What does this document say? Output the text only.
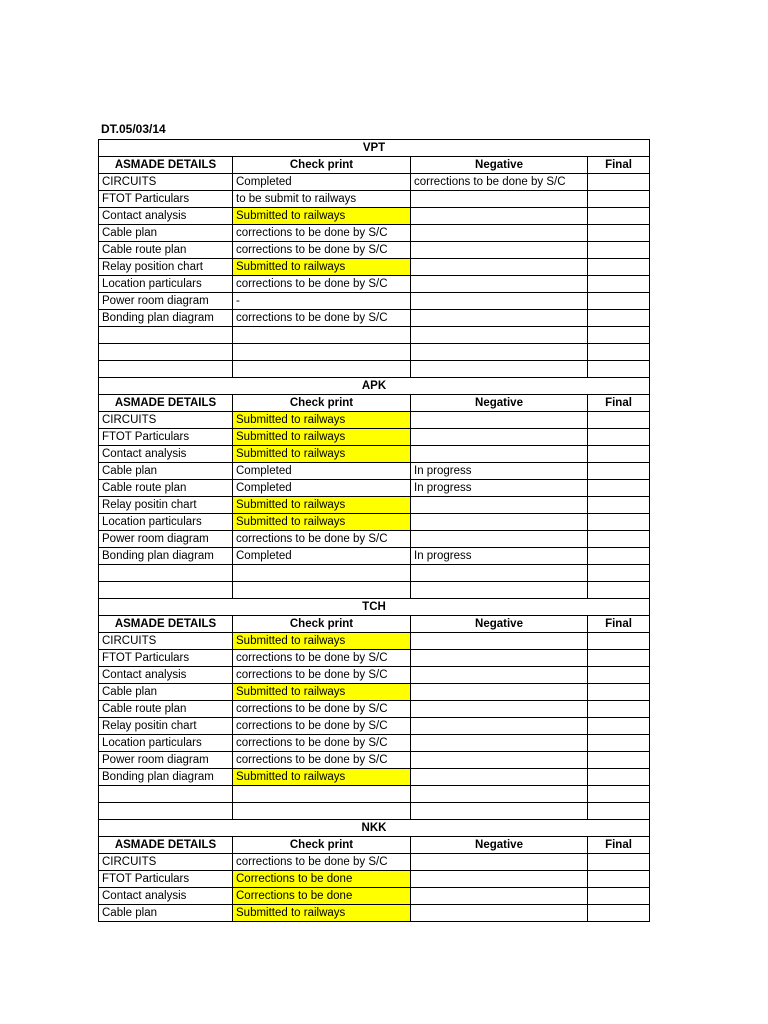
DT.05/03/14
VPT			
ASMADE DETAILS	Check print	Negative	Final
CIRCUITS	Completed	corrections to be done by S/C	
FTOT Particulars	to be submit to railways		
Contact analysis	Submitted to railways		
Cable plan	corrections to be done by S/C		
Cable route plan	corrections to be done by S/C		
Relay position chart	Submitted to railways		
Location particulars	corrections to be done by S/C		
Power room diagram	-		
Bonding plan diagram	corrections to be done by S/C		

APK			
ASMADE DETAILS	Check print	Negative	Final
CIRCUITS	Submitted to railways		
FTOT Particulars	Submitted to railways		
Contact analysis	Submitted to railways		
Cable plan	Completed	In progress	
Cable route plan	Completed	In progress	
Relay positin chart	Submitted to railways		
Location particulars	Submitted to railways		
Power room diagram	corrections to be done by S/C		
Bonding plan diagram	Completed	In progress	

TCH			
ASMADE DETAILS	Check print	Negative	Final
CIRCUITS	Submitted to railways		
FTOT Particulars	corrections to be done by S/C		
Contact analysis	corrections to be done by S/C		
Cable plan	Submitted to railways		
Cable route plan	corrections to be done by S/C		
Relay positin chart	corrections to be done by S/C		
Location particulars	corrections to be done by S/C		
Power room diagram	corrections to be done by S/C		
Bonding plan diagram	Submitted to railways		

NKK			
ASMADE DETAILS	Check print	Negative	Final
CIRCUITS	corrections to be done by S/C		
FTOT Particulars	Corrections to be done		
Contact analysis	Corrections to be done		
Cable plan	Submitted to railways		
